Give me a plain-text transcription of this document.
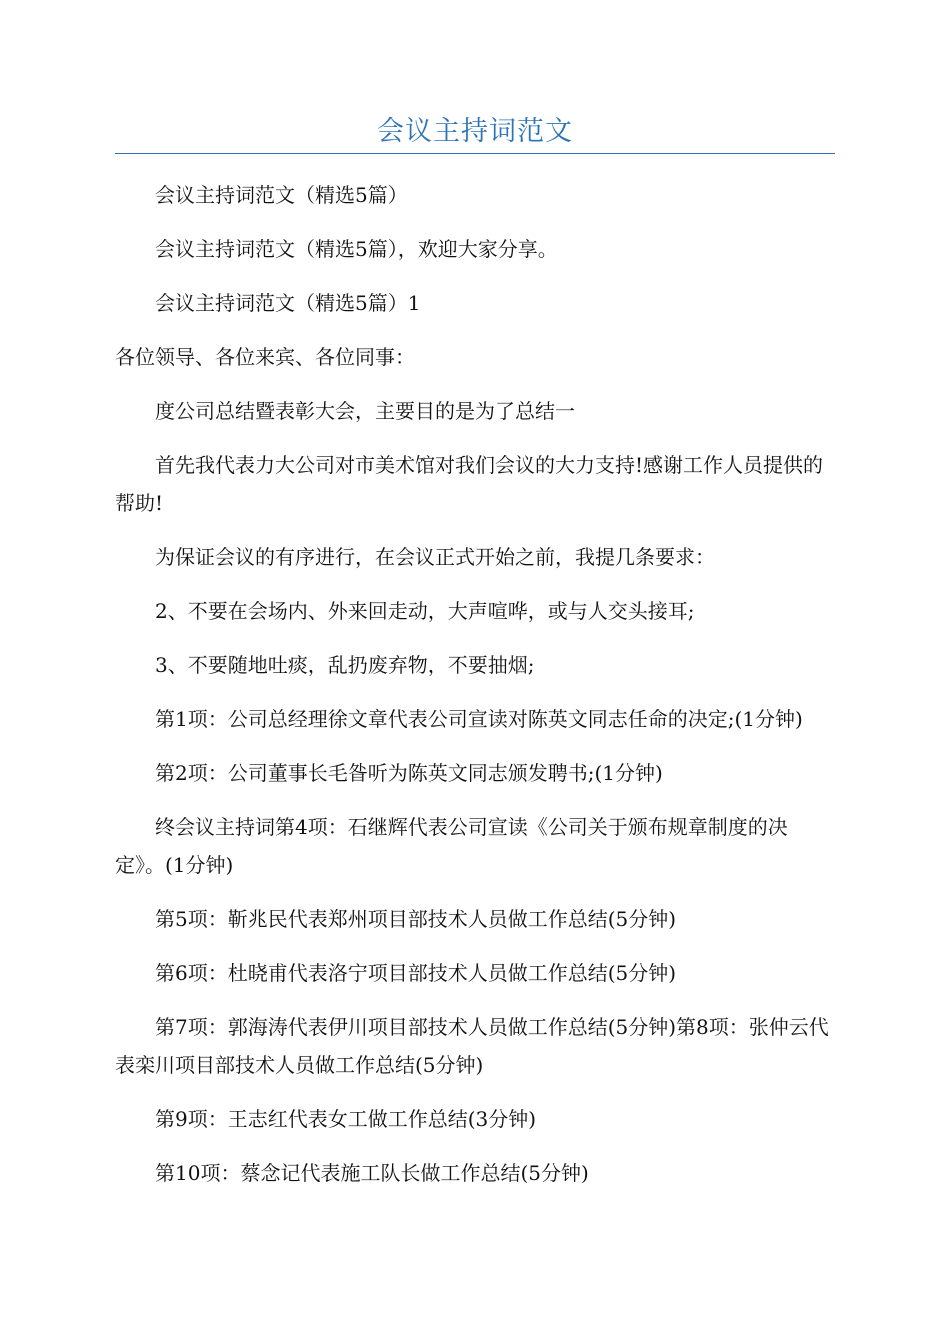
会议主持词范文

会议主持词范文（精选5篇）

会议主持词范文（精选5篇），欢迎大家分享。

会议主持词范文（精选5篇）1

各位领导、各位来宾、各位同事：

度公司总结暨表彰大会，主要目的是为了总结一

首先我代表力大公司对市美术馆对我们会议的大力支持!感谢工作人员提供的帮助!

为保证会议的有序进行，在会议正式开始之前，我提几条要求：

2、不要在会场内、外来回走动，大声喧哗，或与人交头接耳;

3、不要随地吐痰，乱扔废弃物，不要抽烟;

第1项：公司总经理徐文章代表公司宣读对陈英文同志任命的决定;(1分钟)

第2项：公司董事长毛昝听为陈英文同志颁发聘书;(1分钟)

终会议主持词第4项：石继辉代表公司宣读《公司关于颁布规章制度的决定》。(1分钟)

第5项：靳兆民代表郑州项目部技术人员做工作总结(5分钟)

第6项：杜晓甫代表洛宁项目部技术人员做工作总结(5分钟)

第7项：郭海涛代表伊川项目部技术人员做工作总结(5分钟)第8项：张仲云代表栾川项目部技术人员做工作总结(5分钟)

第9项：王志红代表女工做工作总结(3分钟)

第10项：蔡念记代表施工队长做工作总结(5分钟)
